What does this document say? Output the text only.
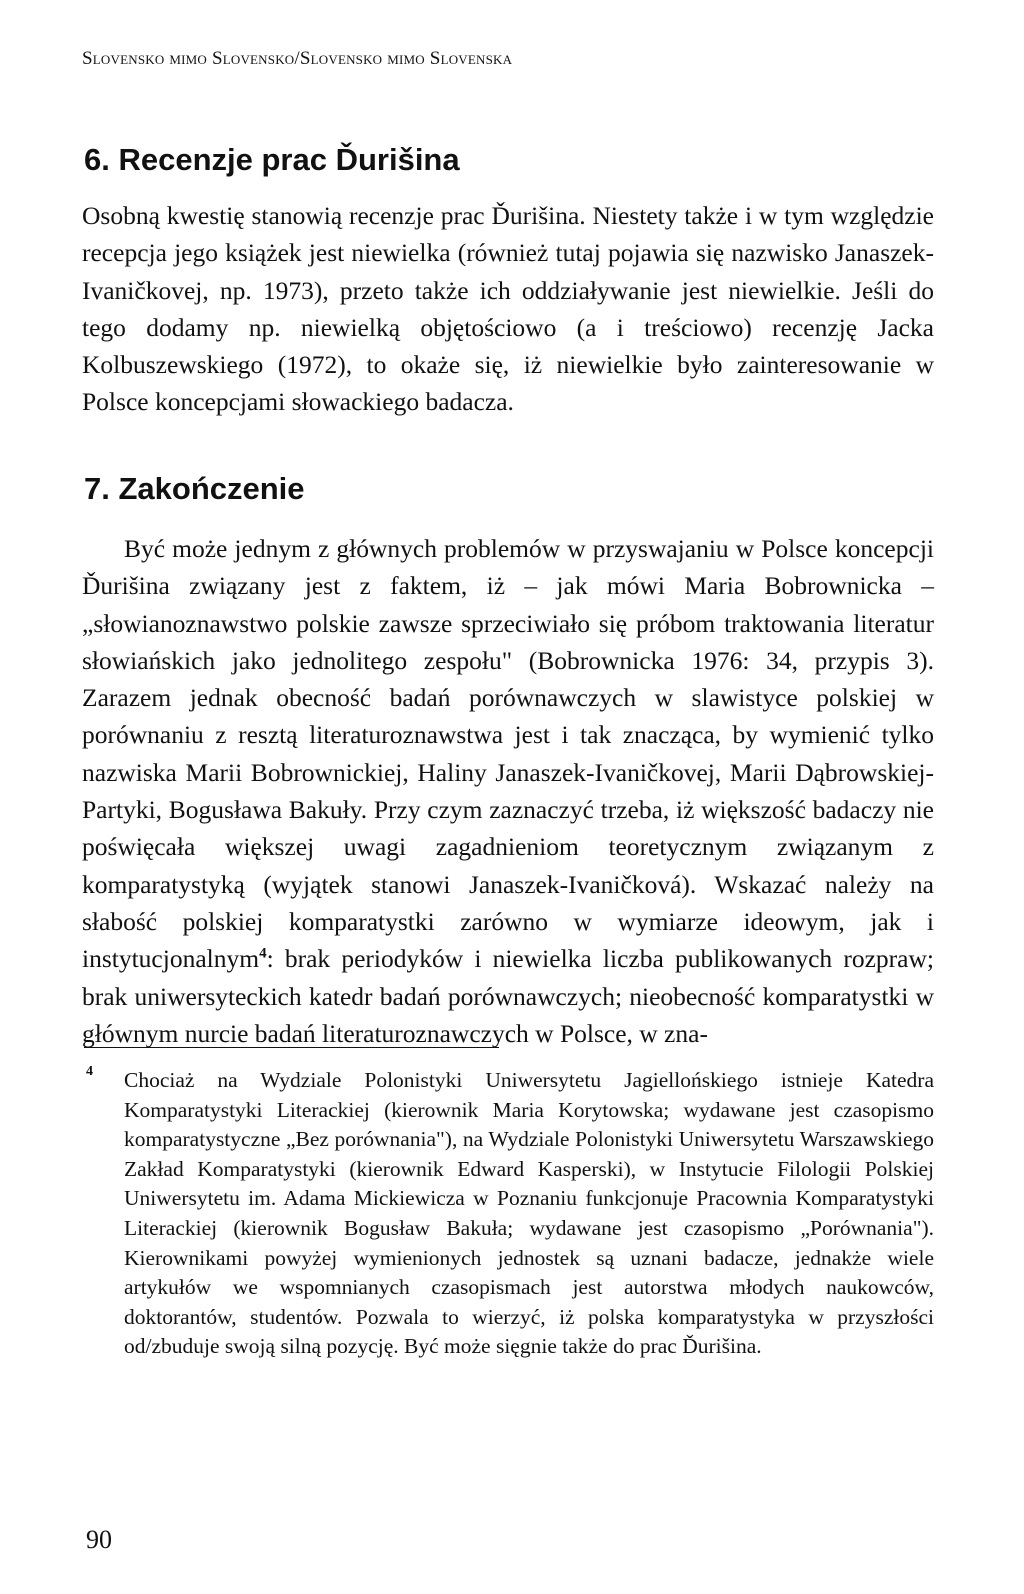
Slovensko mimo Slovensko/Slovensko mimo Slovenska
6. Recenzje prac Ďurišina
Osobną kwestię stanowią recenzje prac Ďurišina. Niestety także i w tym względzie recepcja jego książek jest niewielka (również tutaj pojawia się nazwisko Janaszek-Ivaničkovej, np. 1973), przeto także ich oddziaływanie jest niewielkie. Jeśli do tego dodamy np. niewielką objętościowo (a i treściowo) recenzję Jacka Kolbuszewskiego (1972), to okaże się, iż niewielkie było zainteresowanie w Polsce koncepcjami słowackiego badacza.
7. Zakończenie
Być może jednym z głównych problemów w przyswajaniu w Polsce koncepcji Ďurišina związany jest z faktem, iż – jak mówi Maria Bobrownicka – „słowianoznawstwo polskie zawsze sprzeciwiało się próbom traktowania literatur słowiańskich jako jednolitego zespołu" (Bobrownicka 1976: 34, przypis 3). Zarazem jednak obecność badań porównawczych w slawistyce polskiej w porównaniu z resztą literaturoznawstwa jest i tak znacząca, by wymienić tylko nazwiska Marii Bobrownickiej, Haliny Janaszek-Ivaničkovej, Marii Dąbrowskiej-Partyki, Bogusława Bakuły. Przy czym zaznaczyć trzeba, iż większość badaczy nie poświęcała większej uwagi zagadnieniom teoretycznym związanym z komparatystyką (wyjątek stanowi Janaszek-Ivaničková). Wskazać należy na słabość polskiej komparatystki zarówno w wymiarze ideowym, jak i instytucjonalnym$^4$: brak periodyków i niewielka liczba publikowanych rozpraw; brak uniwersyteckich katedr badań porównawczych; nieobecność komparatystki w głównym nurcie badań literaturoznawczych w Polsce, w zna-
4 Chociaż na Wydziale Polonistyki Uniwersytetu Jagiellońskiego istnieje Katedra Komparatystyki Literackiej (kierownik Maria Korytowska; wydawane jest czasopismo komparatystyczne „Bez porównania"), na Wydziale Polonistyki Uniwersytetu Warszawskiego Zakład Komparatystyki (kierownik Edward Kasperski), w Instytucie Filologii Polskiej Uniwersytetu im. Adama Mickiewicza w Poznaniu funkcjonuje Pracownia Komparatystyki Literackiej (kierownik Bogusław Bakuła; wydawane jest czasopismo „Porównania"). Kierownikami powyżej wymienionych jednostek są uznani badacze, jednakże wiele artykułów we wspomnianych czasopismach jest autorstwa młodych naukowców, doktorantów, studentów. Pozwala to wierzyć, iż polska komparatystyka w przyszłości od/zbuduje swoją silną pozycję. Być może sięgnie także do prac Ďurišina.
90
